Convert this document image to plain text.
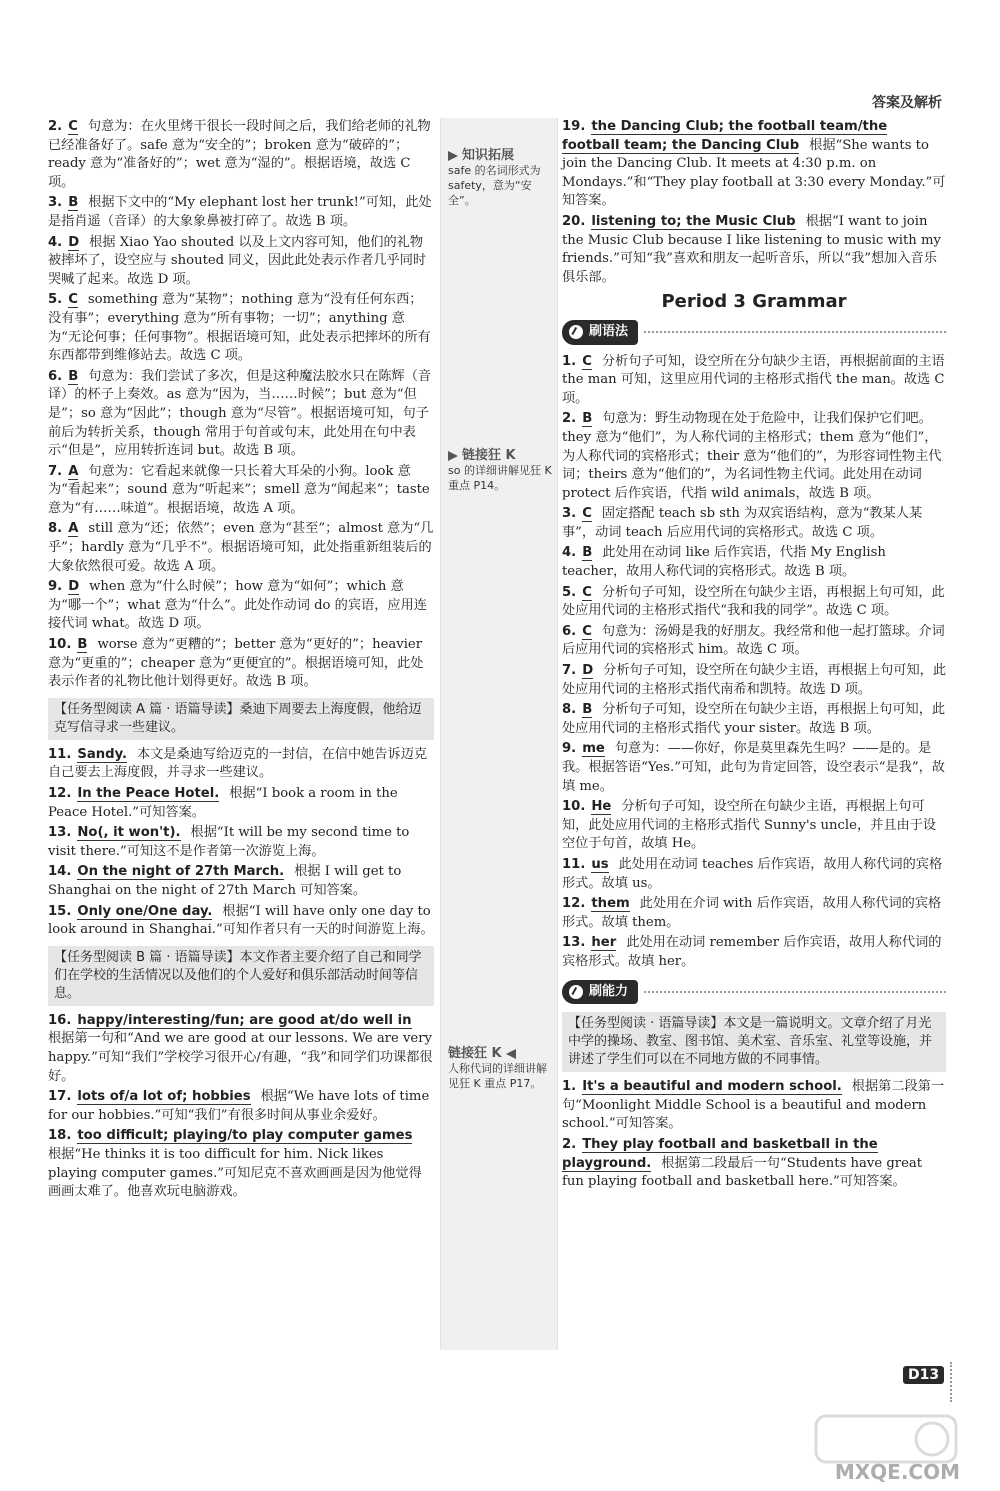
答案及解析
知识拓展
safe 的名词形式为 safety，意为“安全”。
链接狂 K
so 的详细讲解见狂 K 重点 P14。
链接狂 K
人称代词的详细讲解见狂 K 重点 P17。
2. C 句意为：在火里烤干很长一段时间之后，我们给老师的礼物已经准备好了。safe 意为“安全的”；broken 意为“破碎的”；ready 意为“准备好的”；wet 意为“湿的”。根据语境，故选 C 项。
3. B 根据下文中的“My elephant lost her trunk!”可知，此处是指肖遥（音译）的大象象鼻被打碎了。故选 B 项。
4. D 根据 Xiao Yao shouted 以及上文内容可知，他们的礼物被摔坏了，设空应与 shouted 同义，因此此处表示作者几乎同时哭喊了起来。故选 D 项。
5. C something 意为“某物”；nothing 意为“没有任何东西；没有事”；everything 意为“所有事物；一切”；anything 意为“无论何事；任何事物”。根据语境可知，此处表示把摔坏的所有东西都带到维修站去。故选 C 项。
6. B 句意为：我们尝试了多次，但是这种魔法胶水只在陈辉（音译）的杯子上奏效。as 意为“因为，当……时候”；but 意为“但是”；so 意为“因此”；though 意为“尽管”。根据语境可知，句子前后为转折关系，though 常用于句首或句末，此处用在句中表示“但是”，应用转折连词 but。故选 B 项。
7. A 句意为：它看起来就像一只长着大耳朵的小狗。look 意为“看起来”；sound 意为“听起来”；smell 意为“闻起来”；taste 意为“有……味道”。根据语境，故选 A 项。
8. A still 意为“还；依然”；even 意为“甚至”；almost 意为“几乎”；hardly 意为“几乎不”。根据语境可知，此处指重新组装后的大象依然很可爱。故选 A 项。
9. D when 意为“什么时候”；how 意为“如何”；which 意为“哪一个”；what 意为“什么”。此处作动词 do 的宾语，应用连接代词 what。故选 D 项。
10. B worse 意为“更糟的”；better 意为“更好的”；heavier 意为“更重的”；cheaper 意为“更便宜的”。根据语境可知，此处表示作者的礼物比他计划得更好。故选 B 项。
【任务型阅读 A 篇 · 语篇导读】桑迪下周要去上海度假，他给迈克写信寻求一些建议。
11. Sandy. 本文是桑迪写给迈克的一封信，在信中她告诉迈克自己要去上海度假，并寻求一些建议。
12. In the Peace Hotel. 根据“I book a room in the Peace Hotel.”可知答案。
13. No(, it won't). 根据“It will be my second time to visit there.”可知这不是作者第一次游览上海。
14. On the night of 27th March. 根据 I will get to Shanghai on the night of 27th March 可知答案。
15. Only one/One day. 根据“I will have only one day to look around in Shanghai.”可知作者只有一天的时间游览上海。
【任务型阅读 B 篇 · 语篇导读】本文作者主要介绍了自己和同学们在学校的生活情况以及他们的个人爱好和俱乐部活动时间等信息。
16. happy/interesting/fun; are good at/do well in根据第一句和“And we are good at our lessons. We are very happy.”可知“我们”学校学习很开心/有趣，“我”和同学们功课都很好。
17. lots of/a lot of; hobbies 根据“We have lots of time for our hobbies.”可知“我们”有很多时间从事业余爱好。
18. too difficult; playing/to play computer games根据“He thinks it is too difficult for him. Nick likes playing computer games.”可知尼克不喜欢画画是因为他觉得画画太难了。他喜欢玩电脑游戏。
19. the Dancing Club; the football team/the football team; the Dancing Club 根据“She wants to join the Dancing Club. It meets at 4:30 p.m. on Mondays.”和“They play football at 3:30 every Monday.”可知答案。
20. listening to; the Music Club 根据“I want to join the Music Club because I like listening to music with my friends.”可知“我”喜欢和朋友一起听音乐，所以“我”想加入音乐俱乐部。
Period 3 Grammar
刷语法
1. C 分析句子可知，设空所在分句缺少主语，再根据前面的主语 the man 可知，这里应用代词的主格形式指代 the man。故选 C 项。
2. B 句意为：野生动物现在处于危险中，让我们保护它们吧。they 意为“他们”，为人称代词的主格形式；them 意为“他们”，为人称代词的宾格形式；their 意为“他们的”，为形容词性物主代词；theirs 意为“他们的”，为名词性物主代词。此处用在动词 protect 后作宾语，代指 wild animals，故选 B 项。
3. C 固定搭配 teach sb sth 为双宾语结构，意为“教某人某事”，动词 teach 后应用代词的宾格形式。故选 C 项。
4. B 此处用在动词 like 后作宾语，代指 My English teacher，故用人称代词的宾格形式。故选 B 项。
5. C 分析句子可知，设空所在句缺少主语，再根据上句可知，此处应用代词的主格形式指代“我和我的同学”。故选 C 项。
6. C 句意为：汤姆是我的好朋友。我经常和他一起打篮球。介词后应用代词的宾格形式 him。故选 C 项。
7. D 分析句子可知，设空所在句缺少主语，再根据上句可知，此处应用代词的主格形式指代南希和凯特。故选 D 项。
8. B 分析句子可知，设空所在句缺少主语，再根据上句可知，此处应用代词的主格形式指代 your sister。故选 B 项。
9. me 句意为：——你好，你是莫里森先生吗？——是的。是我。根据答语“Yes.”可知，此句为肯定回答，设空表示“是我”，故填 me。
10. He 分析句子可知，设空所在句缺少主语，再根据上句可知，此处应用代词的主格形式指代 Sunny's uncle，并且由于设空位于句首，故填 He。
11. us 此处用在动词 teaches 后作宾语，故用人称代词的宾格形式。故填 us。
12. them 此处用在介词 with 后作宾语，故用人称代词的宾格形式。故填 them。
13. her 此处用在动词 remember 后作宾语，故用人称代词的宾格形式。故填 her。
刷能力
【任务型阅读 · 语篇导读】本文是一篇说明文。文章介绍了月光中学的操场、教室、图书馆、美术室、音乐室、礼堂等设施，并讲述了学生们可以在不同地方做的不同事情。
1. It's a beautiful and modern school. 根据第二段第一句“Moonlight Middle School is a beautiful and modern school.”可知答案。
2. They play football and basketball in the playground. 根据第二段最后一句“Students have great fun playing football and basketball here.”可知答案。
D13
MXQE.COM
